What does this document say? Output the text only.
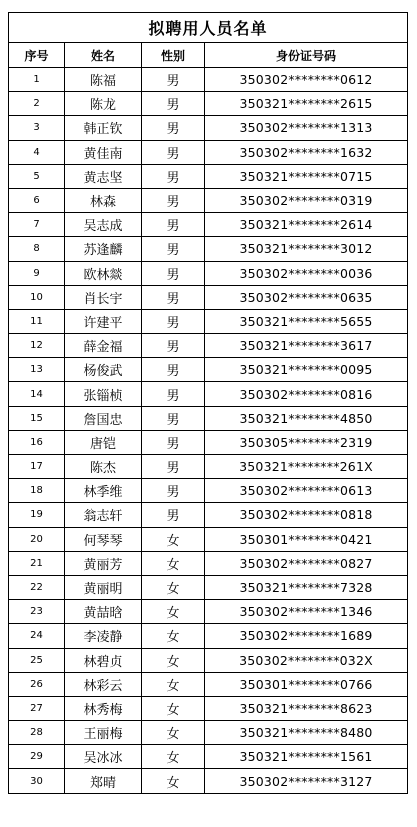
拟聘用人员名单			
序号	姓名	性别	身份证号码
1	陈福	男	350302********0612
2	陈龙	男	350321********2615
3	韩正钦	男	350302********1313
4	黄佳南	男	350302********1632
5	黄志坚	男	350321********0715
6	林森	男	350302********0319
7	吴志成	男	350321********2614
8	苏逢麟	男	350321********3012
9	欧林燚	男	350302********0036
10	肖长宇	男	350302********0635
11	许建平	男	350321********5655
12	薛金福	男	350321********3617
13	杨俊武	男	350321********0095
14	张锱桢	男	350302********0816
15	詹国忠	男	350321********4850
16	唐铠	男	350305********2319
17	陈杰	男	350321********261X
18	林季维	男	350302********0613
19	翁志轩	男	350302********0818
20	何琴琴	女	350301********0421
21	黄丽芳	女	350302********0827
22	黄丽明	女	350321********7328
23	黄喆晗	女	350302********1346
24	李凌静	女	350302********1689
25	林碧贞	女	350302********032X
26	林彩云	女	350301********0766
27	林秀梅	女	350321********8623
28	王丽梅	女	350321********8480
29	吴冰冰	女	350321********1561
30	郑晴	女	350302********3127
